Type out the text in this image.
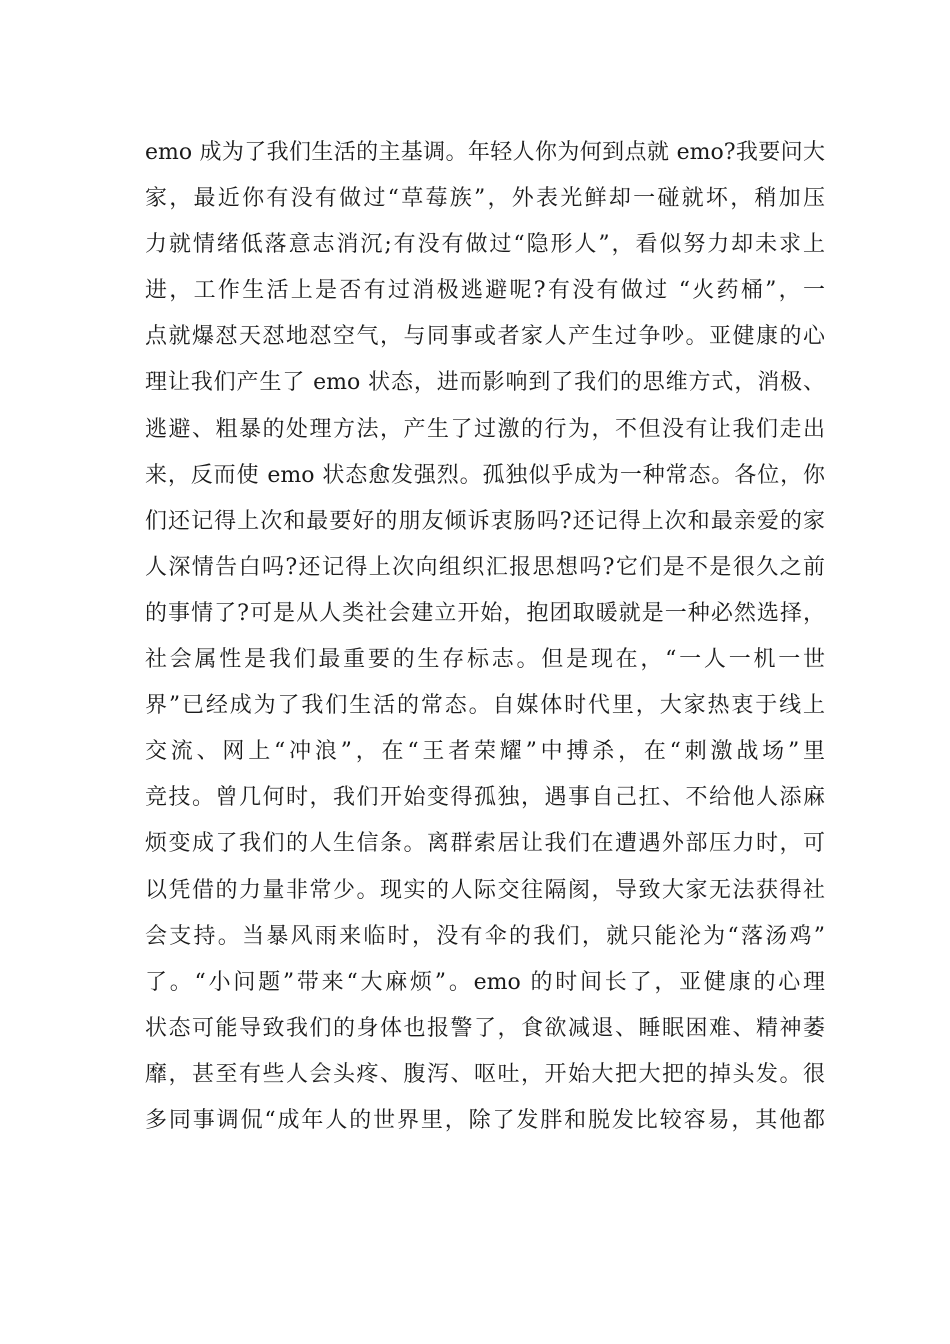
emo 成为了我们生活的主基调。年轻人你为何到点就 emo?我要问大
家，最近你有没有做过“草莓族”，外表光鲜却一碰就坏，稍加压
力就情绪低落意志消沉;有没有做过“隐形人”，看似努力却未求上
进，工作生活上是否有过消极逃避呢?有没有做过 “火药桶”，一
点就爆怼天怼地怼空气，与同事或者家人产生过争吵。亚健康的心
理让我们产生了 emo 状态，进而影响到了我们的思维方式，消极、
逃避、粗暴的处理方法，产生了过激的行为，不但没有让我们走出
来，反而使 emo 状态愈发强烈。孤独似乎成为一种常态。各位，你
们还记得上次和最要好的朋友倾诉衷肠吗?还记得上次和最亲爱的家
人深情告白吗?还记得上次向组织汇报思想吗?它们是不是很久之前
的事情了?可是从人类社会建立开始，抱团取暖就是一种必然选择，
社会属性是我们最重要的生存标志。但是现在，“一人一机一世
界”已经成为了我们生活的常态。自媒体时代里，大家热衷于线上
交流、网上“冲浪”，在“王者荣耀”中搏杀，在“刺激战场”里
竞技。曾几何时，我们开始变得孤独，遇事自己扛、不给他人添麻
烦变成了我们的人生信条。离群索居让我们在遭遇外部压力时，可
以凭借的力量非常少。现实的人际交往隔阂，导致大家无法获得社
会支持。当暴风雨来临时，没有伞的我们，就只能沦为“落汤鸡”
了。“小问题”带来“大麻烦”。emo 的时间长了，亚健康的心理
状态可能导致我们的身体也报警了，食欲减退、睡眠困难、精神萎
靡，甚至有些人会头疼、腹泻、呕吐，开始大把大把的掉头发。很
多同事调侃“成年人的世界里，除了发胖和脱发比较容易，其他都
